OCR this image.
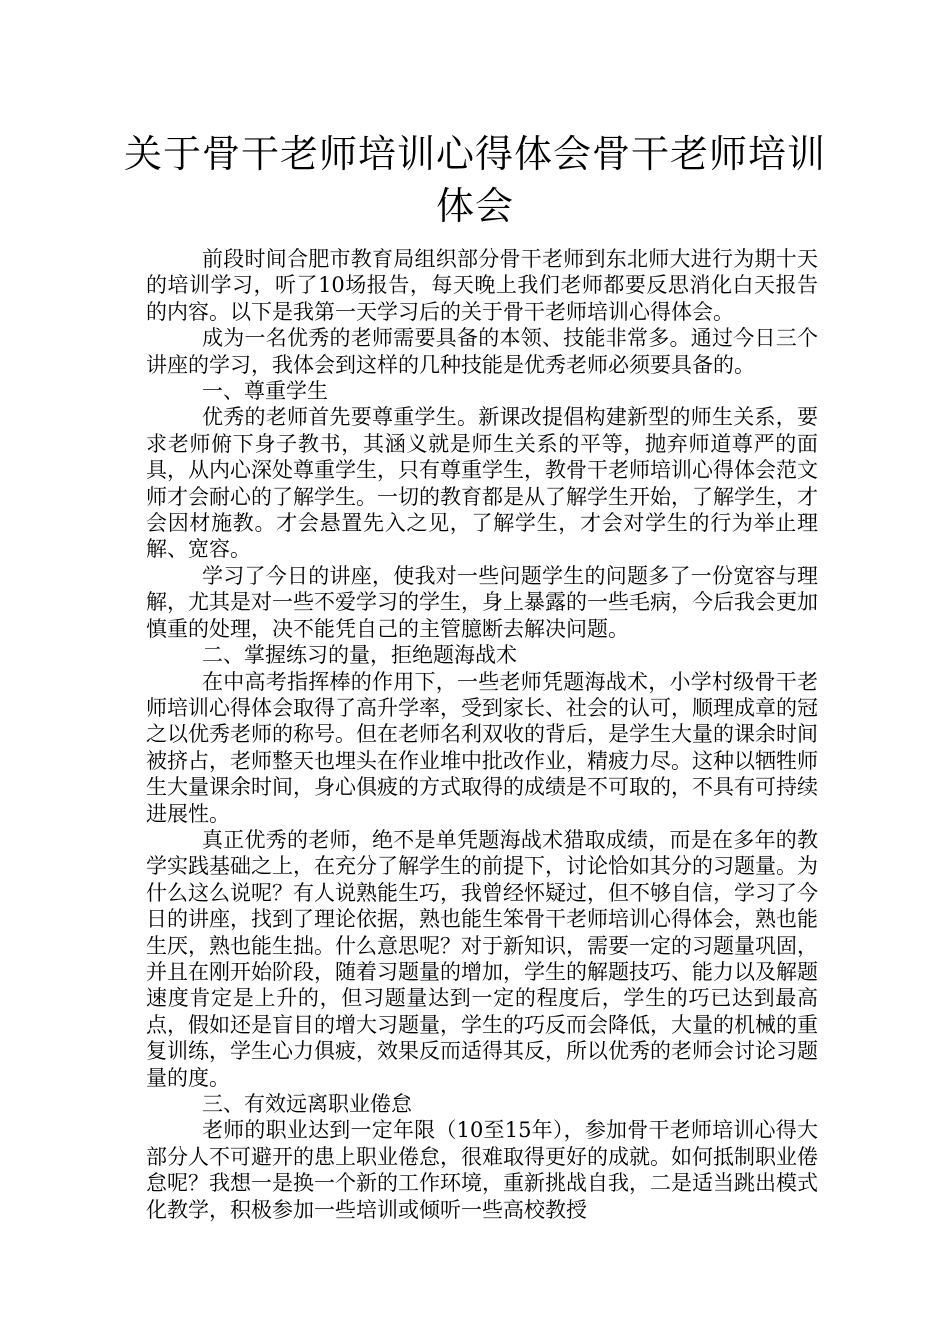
关于骨干老师培训心得体会骨干老师培训体会

前段时间合肥市教育局组织部分骨干老师到东北师大进行为期十天的培训学习，听了10场报告，每天晚上我们老师都要反思消化白天报告的内容。以下是我第一天学习后的关于骨干老师培训心得体会。

成为一名优秀的老师需要具备的本领、技能非常多。通过今日三个讲座的学习，我体会到这样的几种技能是优秀老师必须要具备的。

一、尊重学生

优秀的老师首先要尊重学生。新课改提倡构建新型的师生关系，要求老师俯下身子教书，其涵义就是师生关系的平等，抛弃师道尊严的面具，从内心深处尊重学生，只有尊重学生，教骨干老师培训心得体会范文师才会耐心的了解学生。一切的教育都是从了解学生开始，了解学生，才会因材施教。才会悬置先入之见，了解学生，才会对学生的行为举止理解、宽容。

学习了今日的讲座，使我对一些问题学生的问题多了一份宽容与理解，尤其是对一些不爱学习的学生，身上暴露的一些毛病，今后我会更加慎重的处理，决不能凭自己的主管臆断去解决问题。

二、掌握练习的量，拒绝题海战术

在中高考指挥棒的作用下，一些老师凭题海战术，小学村级骨干老师培训心得体会取得了高升学率，受到家长、社会的认可，顺理成章的冠之以优秀老师的称号。但在老师名利双收的背后，是学生大量的课余时间被挤占，老师整天也埋头在作业堆中批改作业，精疲力尽。这种以牺牲师生大量课余时间，身心俱疲的方式取得的成绩是不可取的，不具有可持续进展性。

真正优秀的老师，绝不是单凭题海战术猎取成绩，而是在多年的教学实践基础之上，在充分了解学生的前提下，讨论恰如其分的习题量。为什么这么说呢？有人说熟能生巧，我曾经怀疑过，但不够自信，学习了今日的讲座，找到了理论依据，熟也能生笨骨干老师培训心得体会，熟也能生厌，熟也能生拙。什么意思呢？对于新知识，需要一定的习题量巩固，并且在刚开始阶段，随着习题量的增加，学生的解题技巧、能力以及解题速度肯定是上升的，但习题量达到一定的程度后，学生的巧已达到最高点，假如还是盲目的增大习题量，学生的巧反而会降低，大量的机械的重复训练，学生心力俱疲，效果反而适得其反，所以优秀的老师会讨论习题量的度。

三、有效远离职业倦怠

老师的职业达到一定年限（10至15年），参加骨干老师培训心得大部分人不可避开的患上职业倦怠，很难取得更好的成就。如何抵制职业倦怠呢？我想一是换一个新的工作环境，重新挑战自我，二是适当跳出模式化教学，积极参加一些培训或倾听一些高校教授
